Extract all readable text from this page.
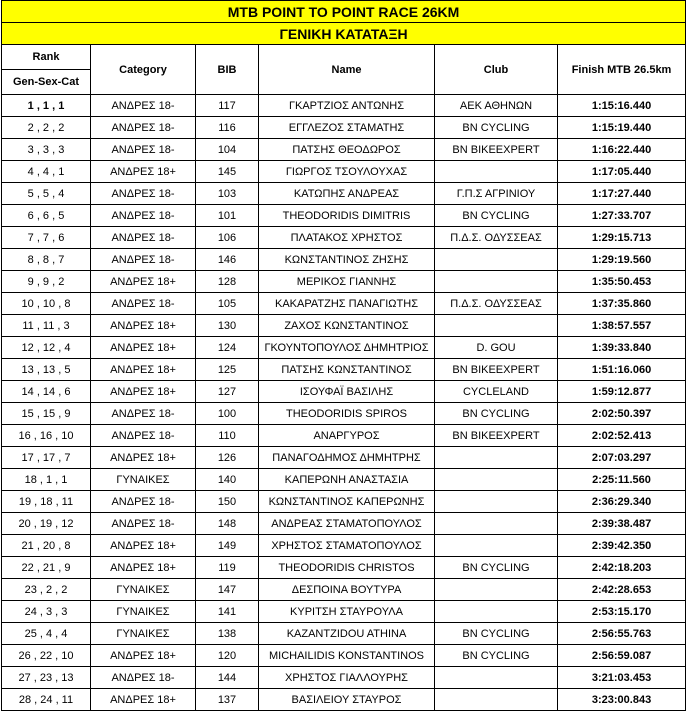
MTB POINT TO POINT RACE 26KM					
ΓΕΝΙΚΗ ΚΑΤΑΤΑΞΗ					
Rank	Category	BIB	Name	Club	Finish MTB 26.5km
Gen-Sex-Cat					
1 , 1 , 1	ΑΝΔΡΕΣ 18-	117	ΓΚΑΡΤΖΙΟΣ ΑΝΤΩΝΗΣ	ΑΕΚ ΑΘΗΝΩΝ	1:15:16.440
2 , 2 , 2	ΑΝΔΡΕΣ 18-	116	ΕΓΓΛΕΖΟΣ ΣΤΑΜΑΤΗΣ	BN CYCLING	1:15:19.440
3 , 3 , 3	ΑΝΔΡΕΣ 18-	104	ΠΑΤΣΗΣ ΘΕΟΔΩΡΟΣ	BN BIKEEXPERT	1:16:22.440
4 , 4 , 1	ΑΝΔΡΕΣ 18+	145	ΓΙΩΡΓΟΣ ΤΣΟΥΛΟΥΧΑΣ		1:17:05.440
5 , 5 , 4	ΑΝΔΡΕΣ 18-	103	ΚΑΤΩΠΗΣ ΑΝΔΡΕΑΣ	Γ.Π.Σ ΑΓΡΙΝΙΟΥ	1:17:27.440
6 , 6 , 5	ΑΝΔΡΕΣ 18-	101	THEODORIDIS DIMITRIS	BN CYCLING	1:27:33.707
7 , 7 , 6	ΑΝΔΡΕΣ 18-	106	ΠΛΑΤΑΚΟΣ ΧΡΗΣΤΟΣ	Π.Δ.Σ. ΟΔΥΣΣΕΑΣ	1:29:15.713
8 , 8 , 7	ΑΝΔΡΕΣ 18-	146	ΚΩΝΣΤΑΝΤΙΝΟΣ ΖΗΣΗΣ		1:29:19.560
9 , 9 , 2	ΑΝΔΡΕΣ 18+	128	ΜΕΡΙΚΟΣ ΓΙΑΝΝΗΣ		1:35:50.453
10 , 10 , 8	ΑΝΔΡΕΣ 18-	105	ΚΑΚΑΡΑΤΖΗΣ ΠΑΝΑΓΙΩΤΗΣ	Π.Δ.Σ. ΟΔΥΣΣΕΑΣ	1:37:35.860
11 , 11 , 3	ΑΝΔΡΕΣ 18+	130	ΖΑΧΟΣ ΚΩΝΣΤΑΝΤΙΝΟΣ		1:38:57.557
12 , 12 , 4	ΑΝΔΡΕΣ 18+	124	ΓΚΟΥΝΤΟΠΟΥΛΟΣ ΔΗΜΗΤΡΙΟΣ	D. GOU	1:39:33.840
13 , 13 , 5	ΑΝΔΡΕΣ 18+	125	ΠΑΤΣΗΣ ΚΩΝΣΤΑΝΤΙΝΟΣ	BN BIKEEXPERT	1:51:16.060
14 , 14 , 6	ΑΝΔΡΕΣ 18+	127	ΙΣΟΥΦΑΪ ΒΑΣΙΛΗΣ	CYCLELAND	1:59:12.877
15 , 15 , 9	ΑΝΔΡΕΣ 18-	100	THEODORIDIS SPIROS	BN CYCLING	2:02:50.397
16 , 16 , 10	ΑΝΔΡΕΣ 18-	110	ΑΝΑΡΓΥΡΟΣ	BN BIKEEXPERT	2:02:52.413
17 , 17 , 7	ΑΝΔΡΕΣ 18+	126	ΠΑΝΑΓΟΔΗΜΟΣ ΔΗΜΗΤΡΗΣ		2:07:03.297
18 , 1 , 1	ΓΥΝΑΙΚΕΣ	140	ΚΑΠΕΡΩΝΗ ΑΝΑΣΤΑΣΙΑ		2:25:11.560
19 , 18 , 11	ΑΝΔΡΕΣ 18-	150	ΚΩΝΣΤΑΝΤΙΝΟΣ ΚΑΠΕΡΩΝΗΣ		2:36:29.340
20 , 19 , 12	ΑΝΔΡΕΣ 18-	148	ΑΝΔΡΕΑΣ ΣΤΑΜΑΤΟΠΟΥΛΟΣ		2:39:38.487
21 , 20 , 8	ΑΝΔΡΕΣ 18+	149	ΧΡΗΣΤΟΣ ΣΤΑΜΑΤΟΠΟΥΛΟΣ		2:39:42.350
22 , 21 , 9	ΑΝΔΡΕΣ 18+	119	THEODORIDIS CHRISTOS	BN CYCLING	2:42:18.203
23 , 2 , 2	ΓΥΝΑΙΚΕΣ	147	ΔΕΣΠΟΙΝΑ ΒΟΥΤΥΡΑ		2:42:28.653
24 , 3 , 3	ΓΥΝΑΙΚΕΣ	141	ΚΥΡΙΤΣΗ ΣΤΑΥΡΟΥΛΑ		2:53:15.170
25 , 4 , 4	ΓΥΝΑΙΚΕΣ	138	KAZANTZIDOU ATHINA	BN CYCLING	2:56:55.763
26 , 22 , 10	ΑΝΔΡΕΣ 18+	120	MICHAILIDIS KONSTANTINOS	BN CYCLING	2:56:59.087
27 , 23 , 13	ΑΝΔΡΕΣ 18-	144	ΧΡΗΣΤΟΣ ΓΙΑΛΛΟΥΡΗΣ		3:21:03.453
28 , 24 , 11	ΑΝΔΡΕΣ 18+	137	ΒΑΣΙΛΕΙΟΥ ΣΤΑΥΡΟΣ		3:23:00.843
